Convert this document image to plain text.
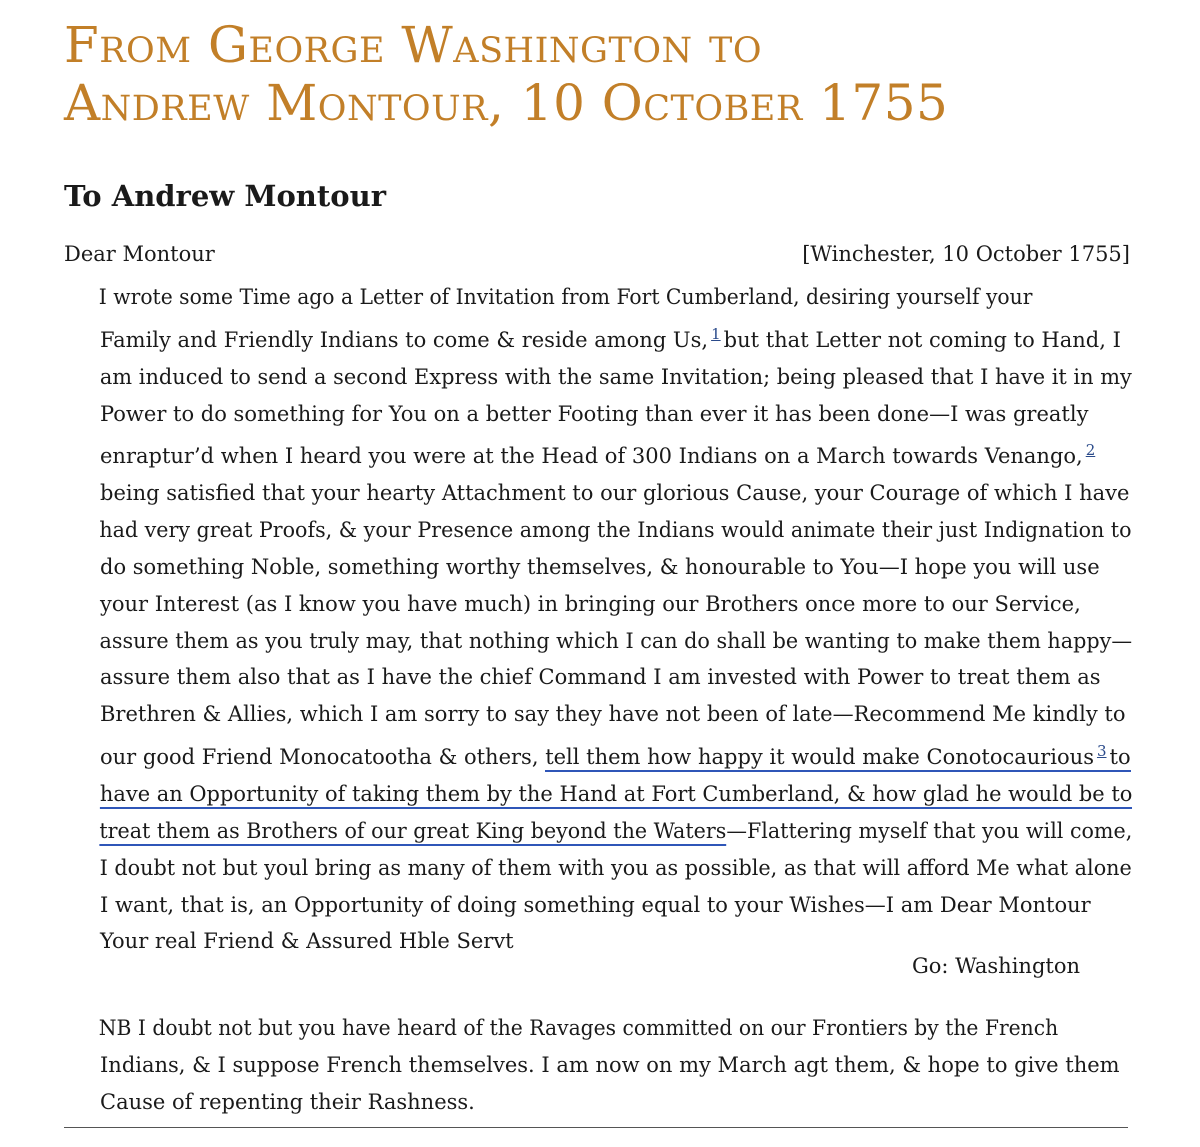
From George Washington to
Andrew Montour, 10 October 1755
To Andrew Montour
Dear Montour	[Winchester, 10 October 1755]
I wrote some Time ago a Letter of Invitation from Fort Cumberland, desiring yourself your
Family and Friendly Indians to come & reside among Us, $^1$ but that Letter not coming to Hand, I
am induced to send a second Express with the same Invitation; being pleased that I have it in my
Power to do something for You on a better Footing than ever it has been done—I was greatly
enraptur’d when I heard you were at the Head of 300 Indians on a March towards Venango, $^2$
being satisfied that your hearty Attachment to our glorious Cause, your Courage of which I have
had very great Proofs, & your Presence among the Indians would animate their just Indignation to
do something Noble, something worthy themselves, & honourable to You—I hope you will use
your Interest (as I know you have much) in bringing our Brothers once more to our Service,
assure them as you truly may, that nothing which I can do shall be wanting to make them happy—
assure them also that as I have the chief Command I am invested with Power to treat them as
Brethren & Allies, which I am sorry to say they have not been of late—Recommend Me kindly to
our good Friend Monocatootha & others, tell them how happy it would make Conotocaurious $^3$ to
have an Opportunity of taking them by the Hand at Fort Cumberland, & how glad he would be to
treat them as Brothers of our great King beyond the Waters—Flattering myself that you will come,
I doubt not but youl bring as many of them with you as possible, as that will afford Me what alone
I want, that is, an Opportunity of doing something equal to your Wishes—I am Dear Montour
Your real Friend & Assured Hble Servt
Go: Washington
NB I doubt not but you have heard of the Ravages committed on our Frontiers by the French
Indians, & I suppose French themselves. I am now on my March agt them, & hope to give them
Cause of repenting their Rashness.
